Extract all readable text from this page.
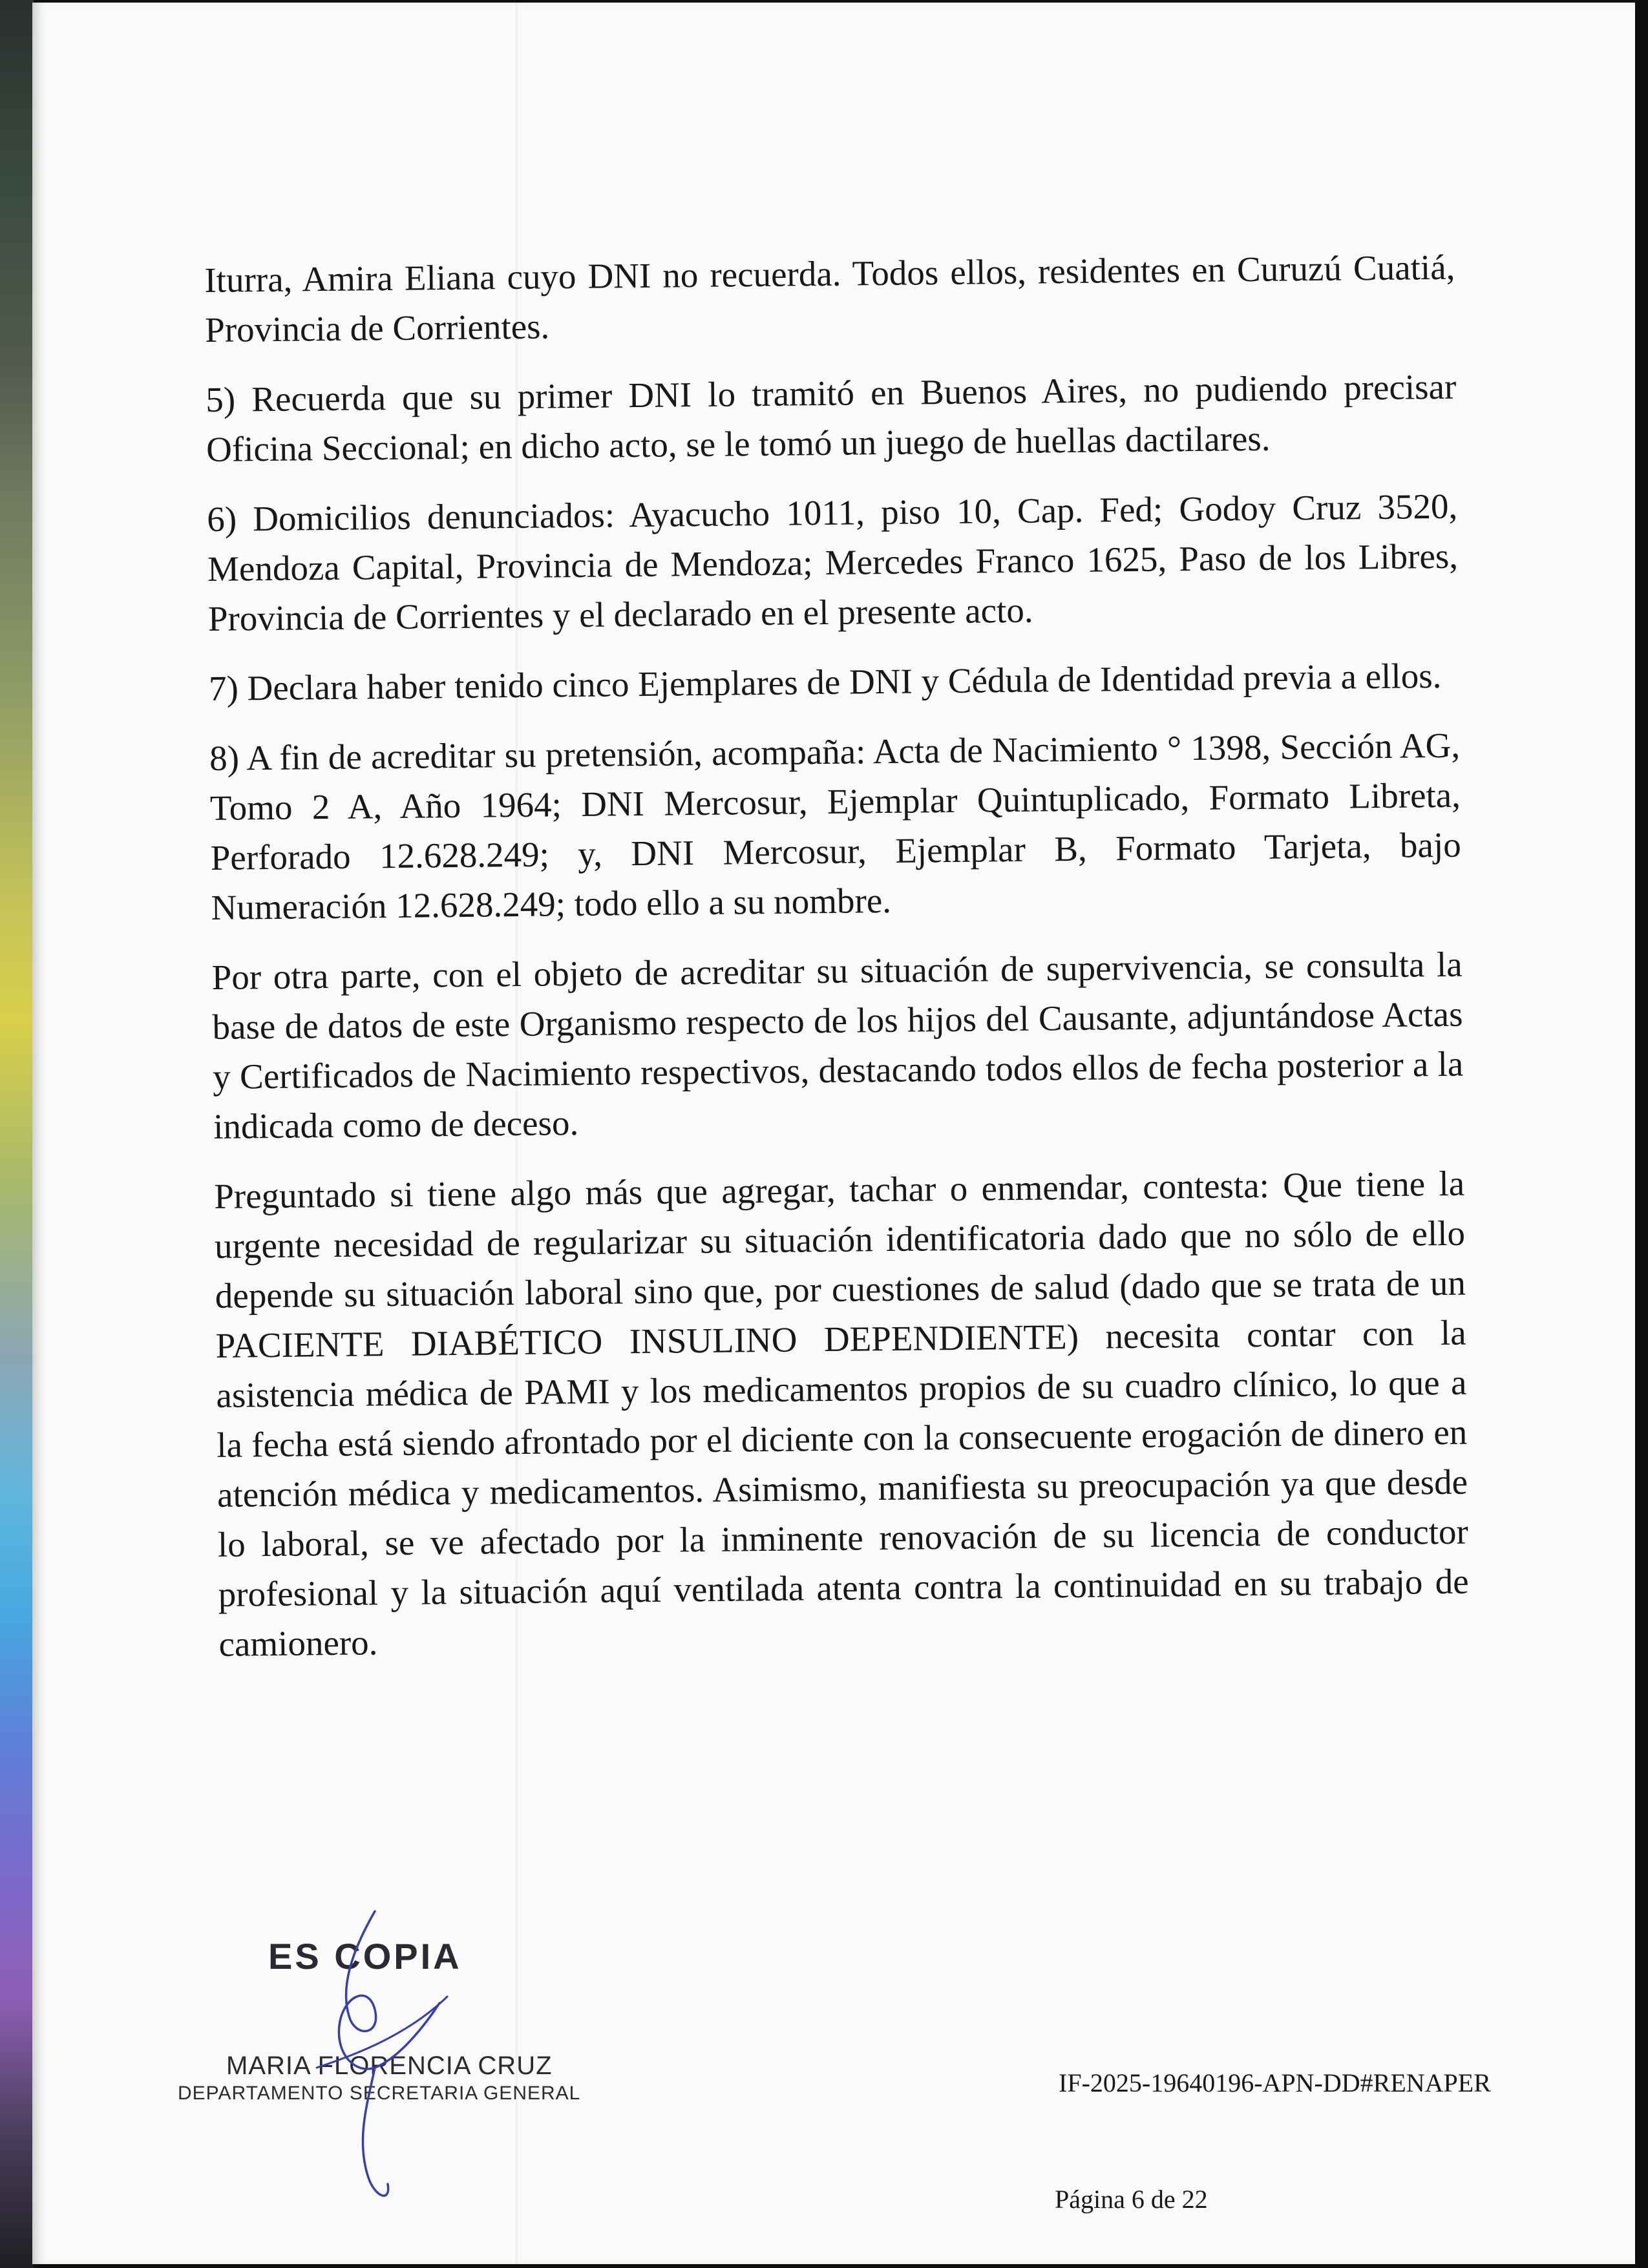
Iturra, Amira Eliana cuyo DNI no recuerda. Todos ellos, residentes en Curuzú Cuatiá, Provincia de Corrientes.

5) Recuerda que su primer DNI lo tramitó en Buenos Aires, no pudiendo precisar Oficina Seccional; en dicho acto, se le tomó un juego de huellas dactilares.

6) Domicilios denunciados: Ayacucho 1011, piso 10, Cap. Fed; Godoy Cruz 3520, Mendoza Capital, Provincia de Mendoza; Mercedes Franco 1625, Paso de los Libres, Provincia de Corrientes y el declarado en el presente acto.

7) Declara haber tenido cinco Ejemplares de DNI y Cédula de Identidad previa a ellos.

8) A fin de acreditar su pretensión, acompaña: Acta de Nacimiento ° 1398, Sección AG, Tomo 2 A, Año 1964; DNI Mercosur, Ejemplar Quintuplicado, Formato Libreta, Perforado 12.628.249; y, DNI Mercosur, Ejemplar B, Formato Tarjeta, bajo Numeración 12.628.249; todo ello a su nombre.

Por otra parte, con el objeto de acreditar su situación de supervivencia, se consulta la base de datos de este Organismo respecto de los hijos del Causante, adjuntándose Actas y Certificados de Nacimiento respectivos, destacando todos ellos de fecha posterior a la indicada como de deceso.

Preguntado si tiene algo más que agregar, tachar o enmendar, contesta: Que tiene la urgente necesidad de regularizar su situación identificatoria dado que no sólo de ello depende su situación laboral sino que, por cuestiones de salud (dado que se trata de un PACIENTE DIABÉTICO INSULINO DEPENDIENTE) necesita contar con la asistencia médica de PAMI y los medicamentos propios de su cuadro clínico, lo que a la fecha está siendo afrontado por el diciente con la consecuente erogación de dinero en atención médica y medicamentos. Asimismo, manifiesta su preocupación ya que desde lo laboral, se ve afectado por la inminente renovación de su licencia de conductor profesional y la situación aquí ventilada atenta contra la continuidad en su trabajo de camionero.

ES COPIA
MARIA FLORENCIA CRUZ
DEPARTAMENTO SECRETARIA GENERAL	IF-2025-19640196-APN-DD#RENAPER
Página 6 de 22
